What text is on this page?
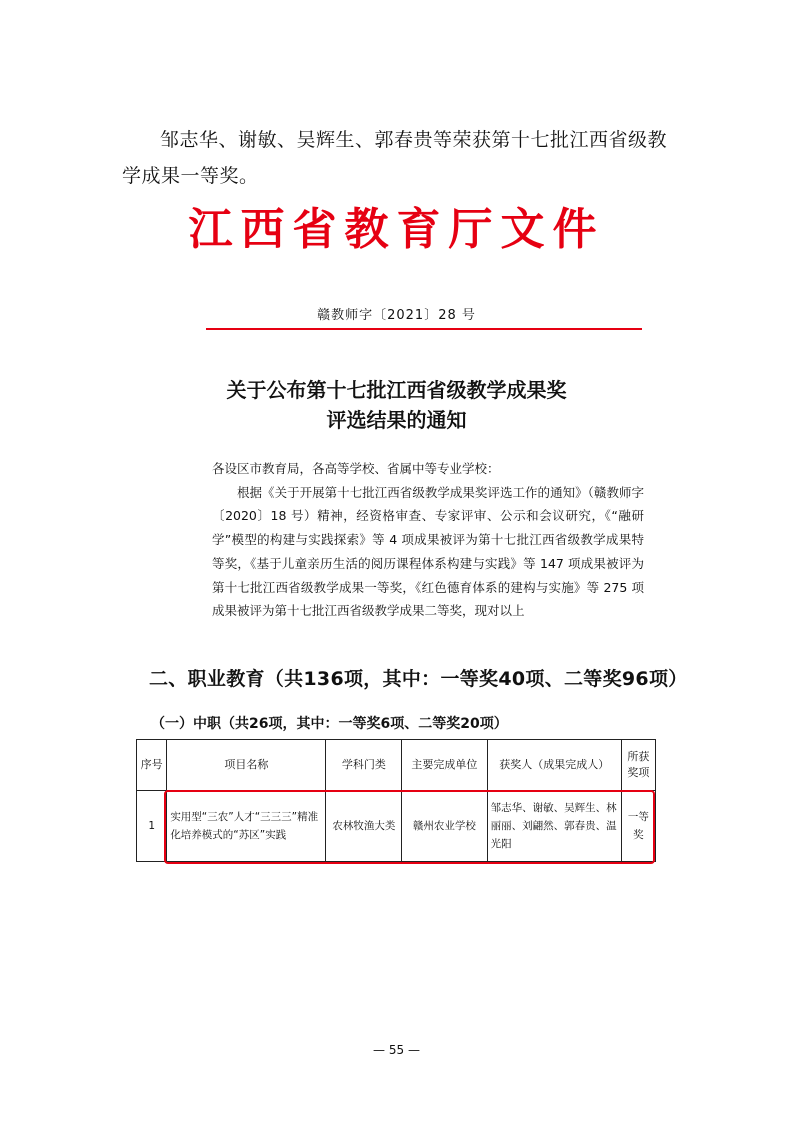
邹志华、谢敏、吴辉生、郭春贵等荣获第十七批江西省级教学成果一等奖。

江西省教育厅文件
赣教师字〔2021〕28 号
关于公布第十七批江西省级教学成果奖
评选结果的通知
各设区市教育局，各高等学校、省属中等专业学校：
根据《关于开展第十七批江西省级教学成果奖评选工作的通知》（赣教师字〔2020〕18 号）精神，经资格审查、专家评审、公示和会议研究，《“融研学”模型的构建与实践探索》等 4 项成果被评为第十七批江西省级教学成果特等奖，《基于儿童亲历生活的阅历课程体系构建与实践》等 147 项成果被评为第十七批江西省级教学成果一等奖，《红色德育体系的建构与实施》等 275 项成果被评为第十七批江西省级教学成果二等奖，现对以上
二、职业教育（共136项，其中：一等奖40项、二等奖96项）
（一）中职（共26项，其中：一等奖6项、二等奖20项）
序号	项目名称	学科门类	主要完成单位	获奖人（成果完成人）	所获奖项
1	实用型“三农”人才“三三三”精准化培养模式的“苏区”实践	农林牧渔大类	赣州农业学校	邹志华、谢敏、吴辉生、林丽丽、刘翩然、郭春贵、温光阳	一等奖
— 55 —
